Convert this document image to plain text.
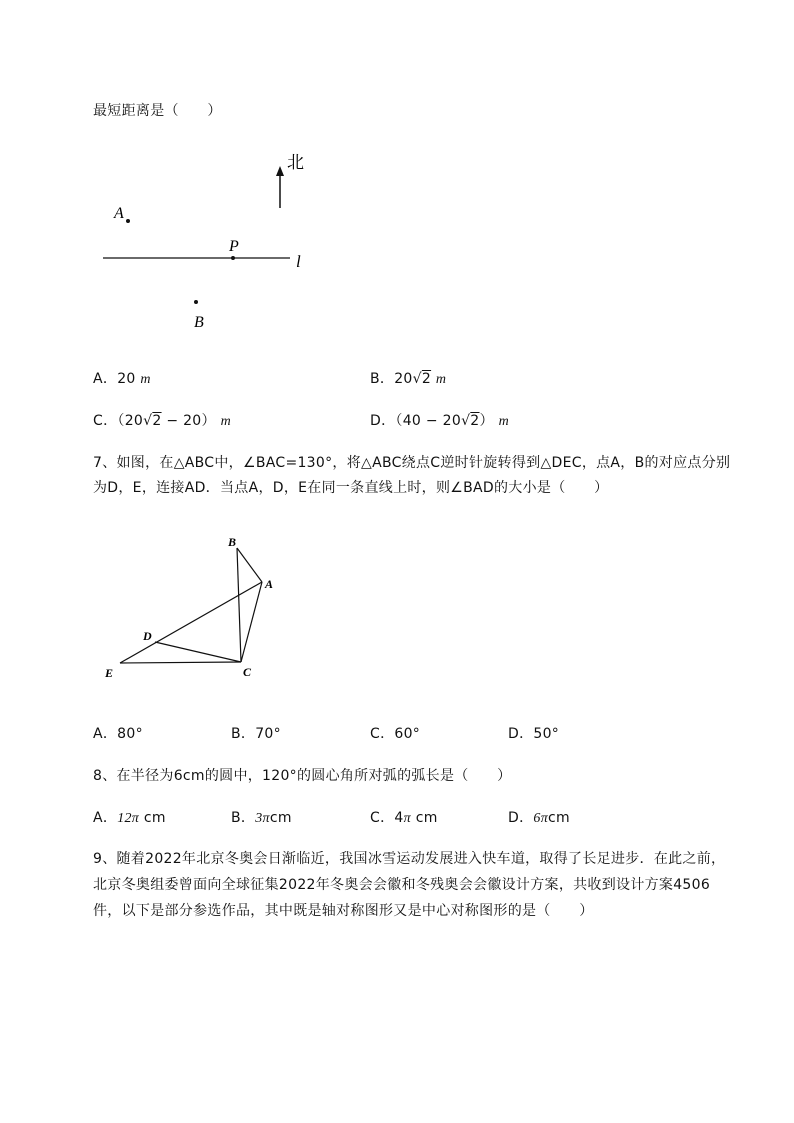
最短距离是（　　）
北
A
l
P
B
A．20 m	B．20√2 m
C．（20√2 − 20） m	D．（40 − 20√2） m
7、如图，在△ABC中，∠BAC=130°，将△ABC绕点C逆时针旋转得到△DEC，点A，B的对应点分别
为D，E，连接AD．当点A，D，E在同一条直线上时，则∠BAD的大小是（　　）
B
A
D
E	C
A．80°	B．70°	C．60°	D．50°
8、在半径为6cm的圆中，120°的圆心角所对弧的弧长是（　　）
A．12π cm	B．3πcm	C．4π cm	D．6πcm
9、随着2022年北京冬奥会日渐临近，我国冰雪运动发展进入快车道，取得了长足进步．在此之前，
北京冬奥组委曾面向全球征集2022年冬奥会会徽和冬残奥会会徽设计方案，共收到设计方案4506
件，以下是部分参选作品，其中既是轴对称图形又是中心对称图形的是（　　）
